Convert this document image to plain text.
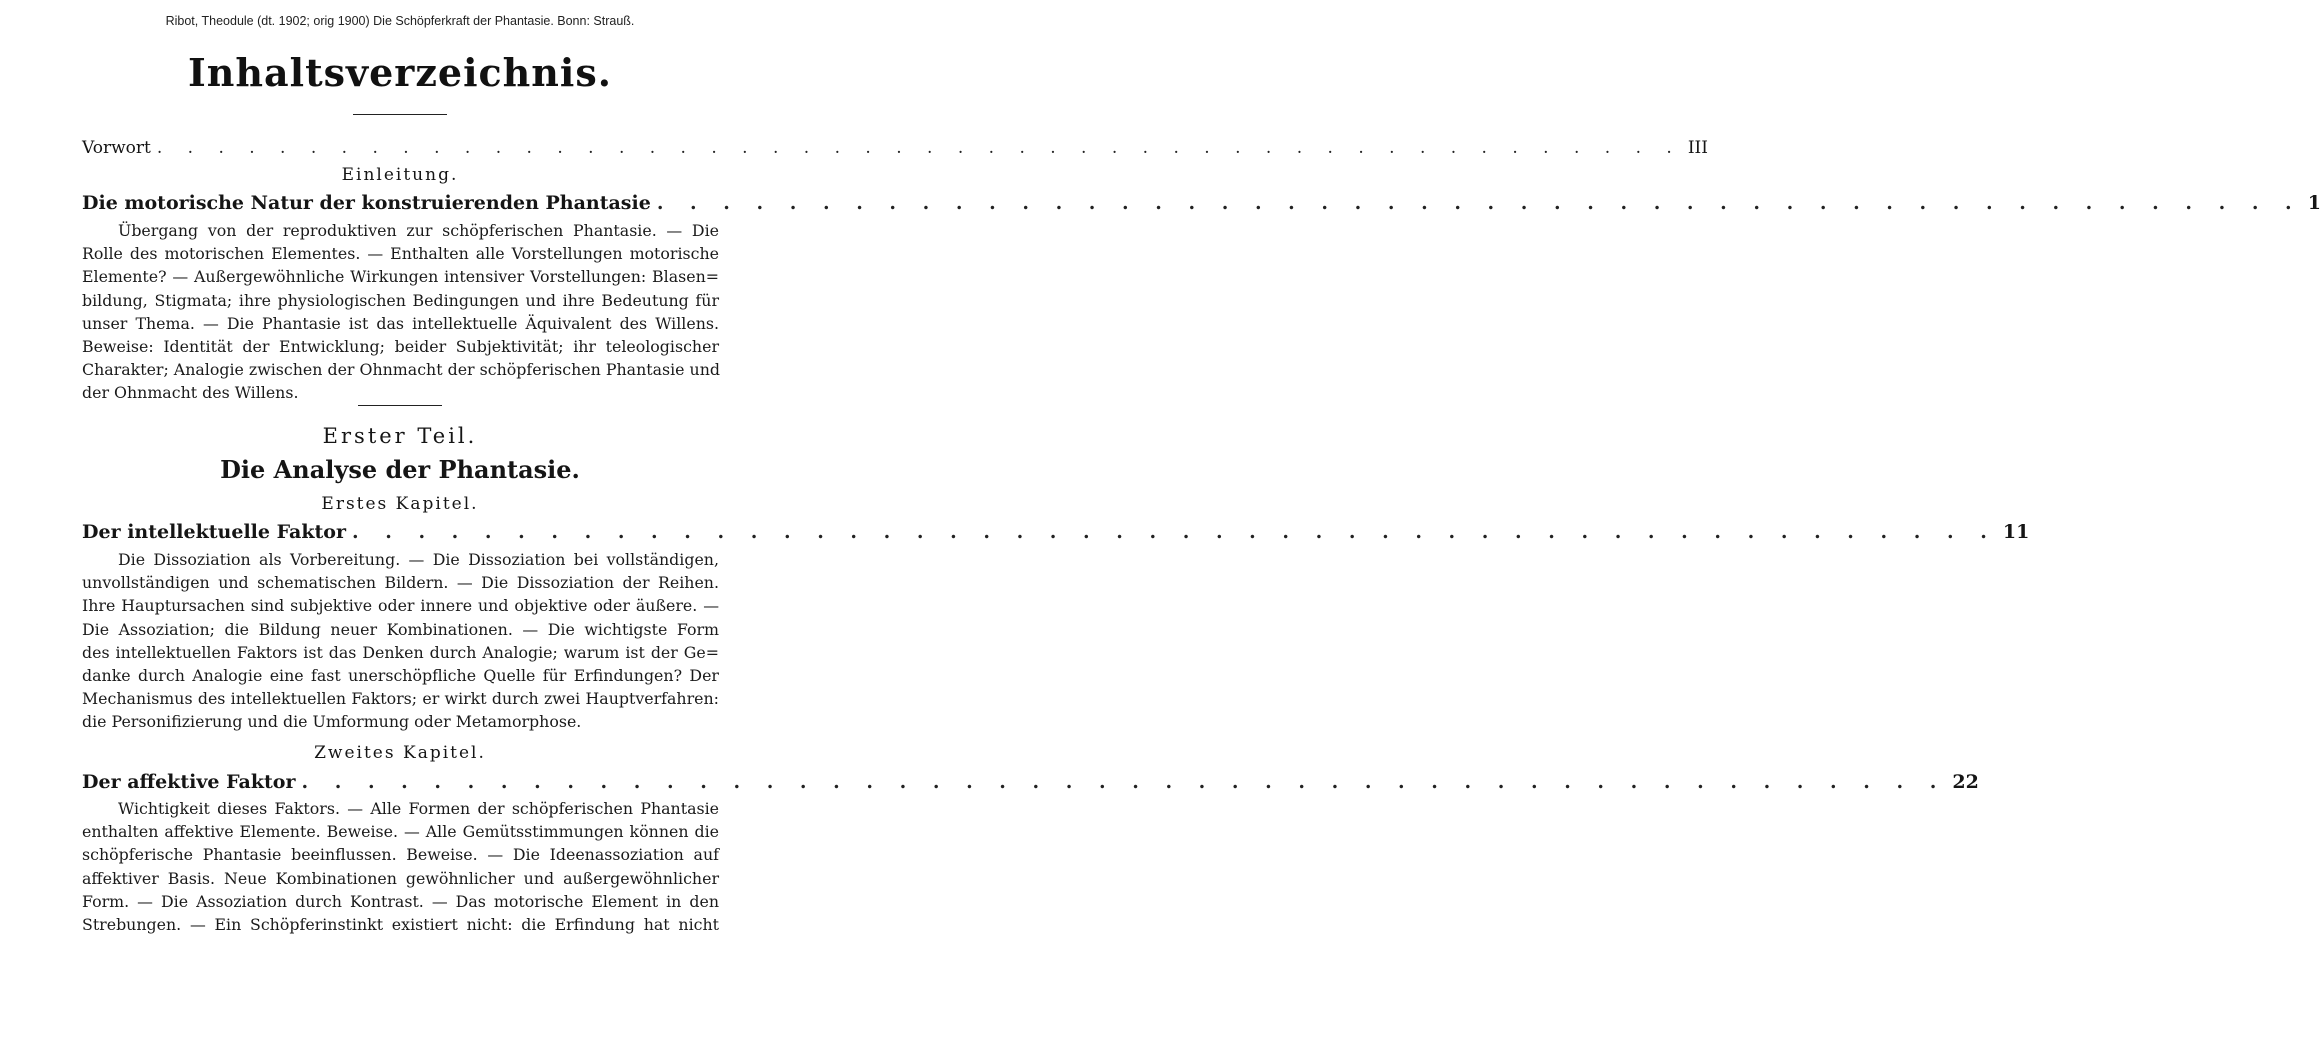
Ribot, Theodule (dt. 1902; orig 1900) Die Schöpferkraft der Phantasie. Bonn: Strauß.
Inhaltsverzeichnis.
Vorwort . . . . . . . . . . . . . . . . . . . . . . . . . . . . . . . . . . . . . . . . . . . . . . . . . . III
Einleitung.
Die motorische Natur der konstruierenden Phantasie . . . . . . . . . . . . . . . . . . . . . . . . . . . . . . . . . . . . . . . . . . . . . . . . . . 1

Übergang von der reproduktiven zur schöpferischen Phantasie. — Die
Rolle des motorischen Elementes. — Enthalten alle Vorstellungen motorische
Elemente? — Außergewöhnliche Wirkungen intensiver Vorstellungen: Blasen=
bildung, Stigmata; ihre physiologischen Bedingungen und ihre Bedeutung für
unser Thema. — Die Phantasie ist das intellektuelle Äquivalent des Willens.
Beweise: Identität der Entwicklung; beider Subjektivität; ihr teleologischer
Charakter; Analogie zwischen der Ohnmacht der schöpferischen Phantasie und
der Ohnmacht des Willens.

Erster Teil.
Die Analyse der Phantasie.
Erstes Kapitel.
Der intellektuelle Faktor . . . . . . . . . . . . . . . . . . . . . . . . . . . . . . . . . . . . . . . . . . . . . . . . . . 11

Die Dissoziation als Vorbereitung. — Die Dissoziation bei vollständigen,
unvollständigen und schematischen Bildern. — Die Dissoziation der Reihen.
Ihre Hauptursachen sind subjektive oder innere und objektive oder äußere. —
Die Assoziation; die Bildung neuer Kombinationen. — Die wichtigste Form
des intellektuellen Faktors ist das Denken durch Analogie; warum ist der Ge=
danke durch Analogie eine fast unerschöpfliche Quelle für Erfindungen? Der
Mechanismus des intellektuellen Faktors; er wirkt durch zwei Hauptverfahren:
die Personifizierung und die Umformung oder Metamorphose.

Zweites Kapitel.
Der affektive Faktor . . . . . . . . . . . . . . . . . . . . . . . . . . . . . . . . . . . . . . . . . . . . . . . . . . 22

Wichtigkeit dieses Faktors. — Alle Formen der schöpferischen Phantasie
enthalten affektive Elemente. Beweise. — Alle Gemütsstimmungen können die
schöpferische Phantasie beeinflussen. Beweise. — Die Ideenassoziation auf
affektiver Basis. Neue Kombinationen gewöhnlicher und außergewöhnlicher
Form. — Die Assoziation durch Kontrast. — Das motorische Element in den
Strebungen. — Ein Schöpferinstinkt existiert nicht: die Erfindung hat nicht
